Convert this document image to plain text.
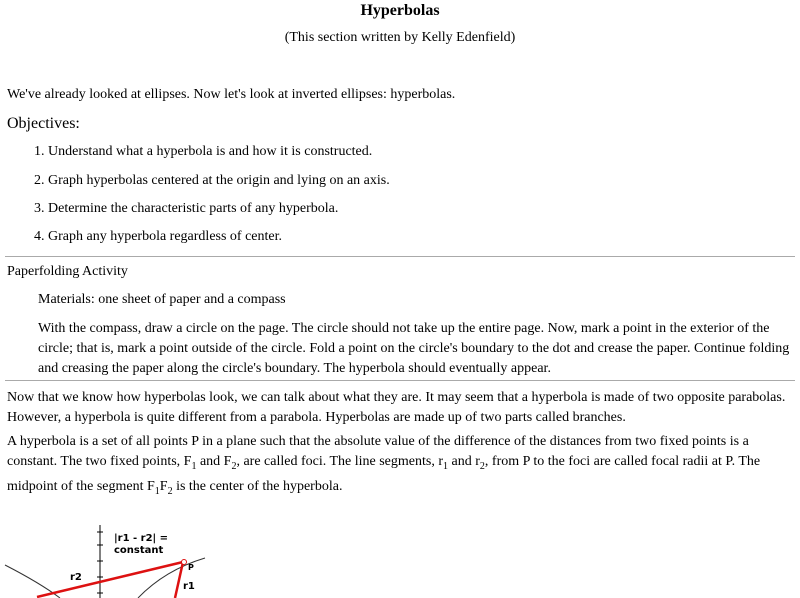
Hyperbolas
(This section written by Kelly Edenfield)
We've already looked at ellipses. Now let's look at inverted ellipses: hyperbolas.
Objectives:
1. Understand what a hyperbola is and how it is constructed.
2. Graph hyperbolas centered at the origin and lying on an axis.
3. Determine the characteristic parts of any hyperbola.
4. Graph any hyperbola regardless of center.
Paperfolding Activity
Materials: one sheet of paper and a compass
With the compass, draw a circle on the page. The circle should not take up the entire page. Now, mark a point in the exterior of the circle; that is, mark a point outside of the circle. Fold a point on the circle's boundary to the dot and crease the paper. Continue folding and creasing the paper along the circle's boundary. The hyperbola should eventually appear.
Now that we know how hyperbolas look, we can talk about what they are. It may seem that a hyperbola is made of two opposite parabolas. However, a hyperbola is quite different from a parabola. Hyperbolas are made up of two parts called branches.
A hyperbola is a set of all points P in a plane such that the absolute value of the difference of the distances from two fixed points is a constant. The two fixed points, $F_1$ and $F_2$, are called foci. The line segments, $r_1$ and $r_2$, from P to the foci are called focal radii at P. The midpoint of the segment $F_1F_2$ is the center of the hyperbola.
|r1 - r2| =
constant
r2
P
r1
